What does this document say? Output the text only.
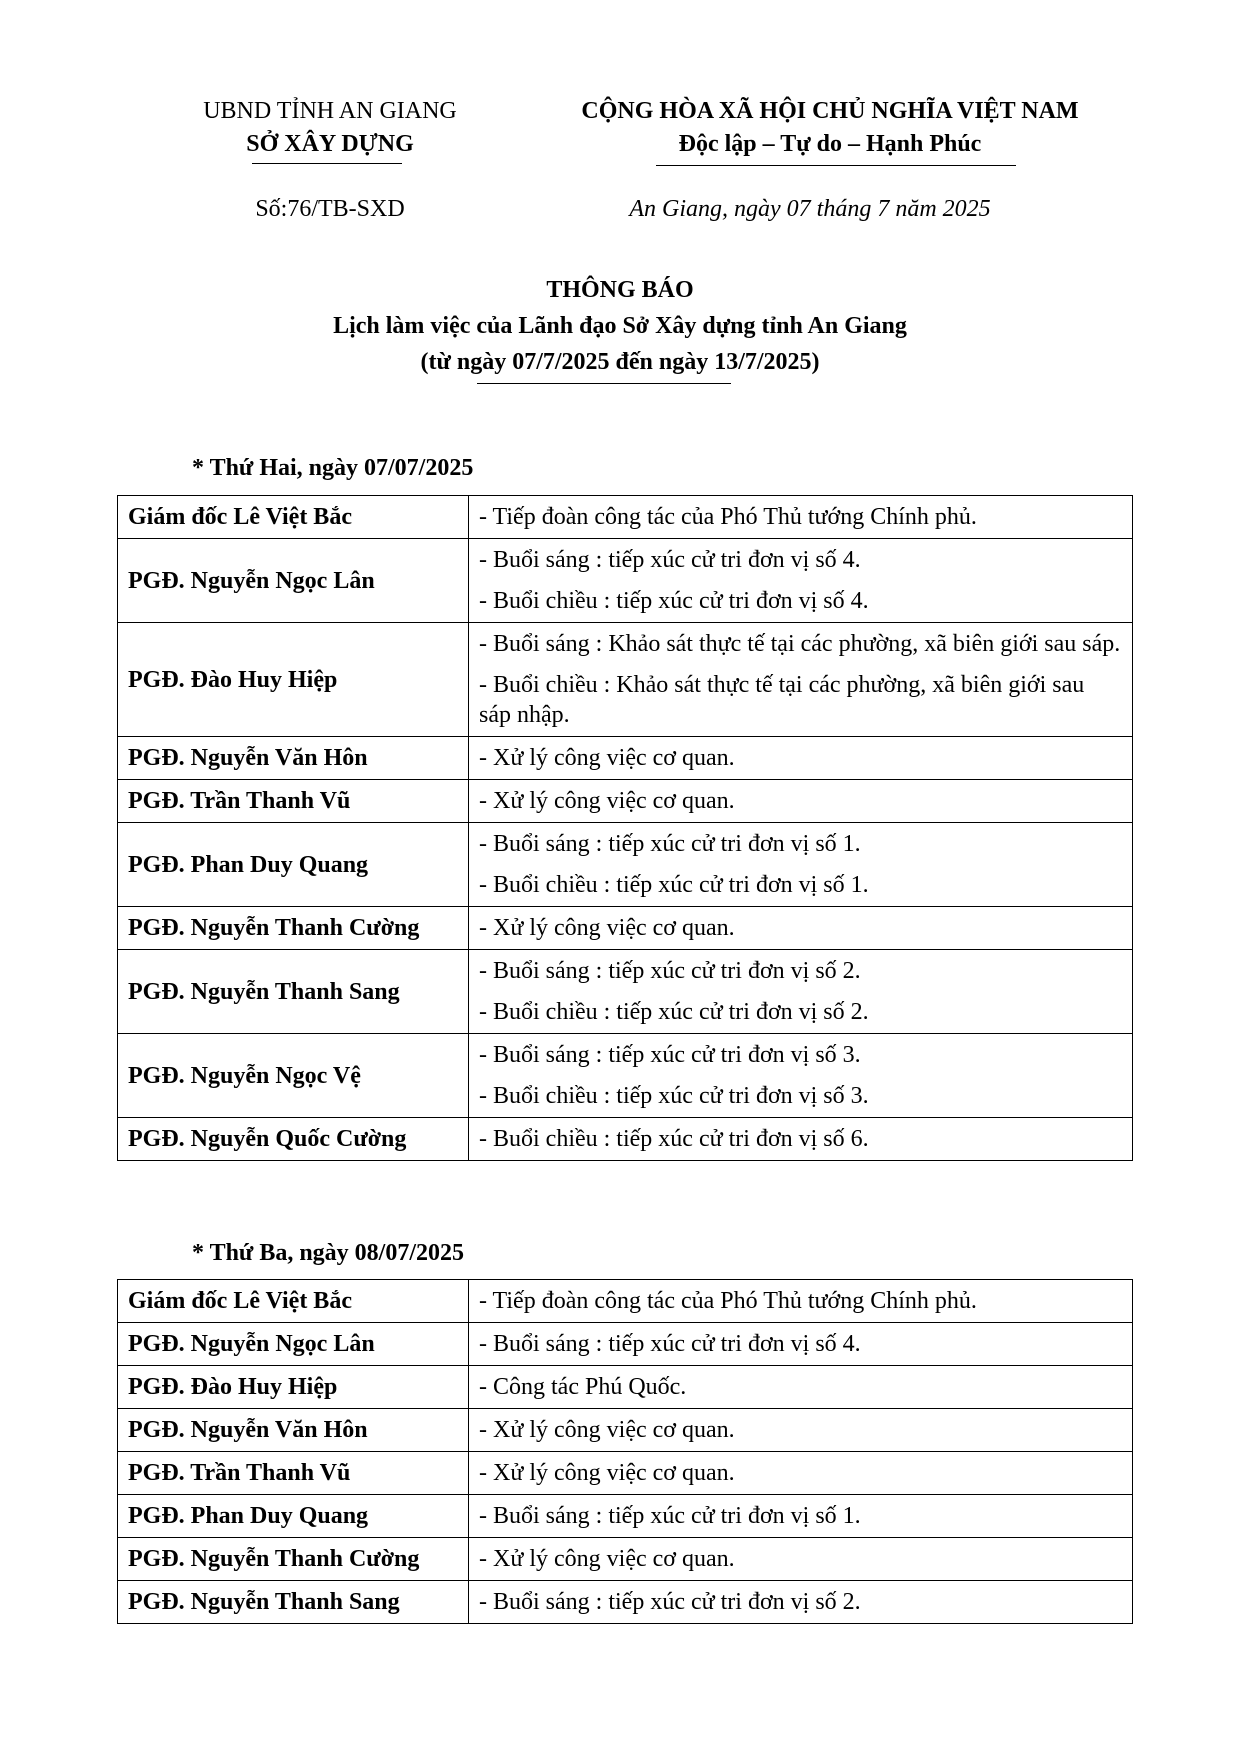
UBND TỈNH AN GIANG
SỞ XÂY DỰNG
CỘNG HÒA XÃ HỘI CHỦ NGHĨA VIỆT NAM
Độc lập – Tự do – Hạnh Phúc
Số:76/TB-SXD	An Giang, ngày 07 tháng 7 năm 2025
THÔNG BÁO
Lịch làm việc của Lãnh đạo Sở Xây dựng tỉnh An Giang
(từ ngày 07/7/2025 đến ngày 13/7/2025)
* Thứ Hai, ngày 07/07/2025
Giám đốc Lê Việt Bắc	- Tiếp đoàn công tác của Phó Thủ tướng Chính phủ.

PGĐ. Nguyễn Ngọc Lân	- Buổi sáng : tiếp xúc cử tri đơn vị số 4.
- Buổi chiều : tiếp xúc cử tri đơn vị số 4.

PGĐ. Đào Huy Hiệp	- Buổi sáng : Khảo sát thực tế tại các phường, xã biên giới sau sáp.
- Buổi chiều : Khảo sát thực tế tại các phường, xã biên giới sau sáp nhập.

PGĐ. Nguyễn Văn Hôn	- Xử lý công việc cơ quan.

PGĐ. Trần Thanh Vũ	- Xử lý công việc cơ quan.

PGĐ. Phan Duy Quang	- Buổi sáng : tiếp xúc cử tri đơn vị số 1.
- Buổi chiều : tiếp xúc cử tri đơn vị số 1.

PGĐ. Nguyễn Thanh Cường	- Xử lý công việc cơ quan.

PGĐ. Nguyễn Thanh Sang	- Buổi sáng : tiếp xúc cử tri đơn vị số 2.
- Buổi chiều : tiếp xúc cử tri đơn vị số 2.

PGĐ. Nguyễn Ngọc Vệ	- Buổi sáng : tiếp xúc cử tri đơn vị số 3.
- Buổi chiều : tiếp xúc cử tri đơn vị số 3.

PGĐ. Nguyễn Quốc Cường	- Buổi chiều : tiếp xúc cử tri đơn vị số 6.
* Thứ Ba, ngày 08/07/2025
Giám đốc Lê Việt Bắc	- Tiếp đoàn công tác của Phó Thủ tướng Chính phủ.

PGĐ. Nguyễn Ngọc Lân	- Buổi sáng : tiếp xúc cử tri đơn vị số 4.

PGĐ. Đào Huy Hiệp	- Công tác Phú Quốc.

PGĐ. Nguyễn Văn Hôn	- Xử lý công việc cơ quan.

PGĐ. Trần Thanh Vũ	- Xử lý công việc cơ quan.

PGĐ. Phan Duy Quang	- Buổi sáng : tiếp xúc cử tri đơn vị số 1.

PGĐ. Nguyễn Thanh Cường	- Xử lý công việc cơ quan.

PGĐ. Nguyễn Thanh Sang	- Buổi sáng : tiếp xúc cử tri đơn vị số 2.
